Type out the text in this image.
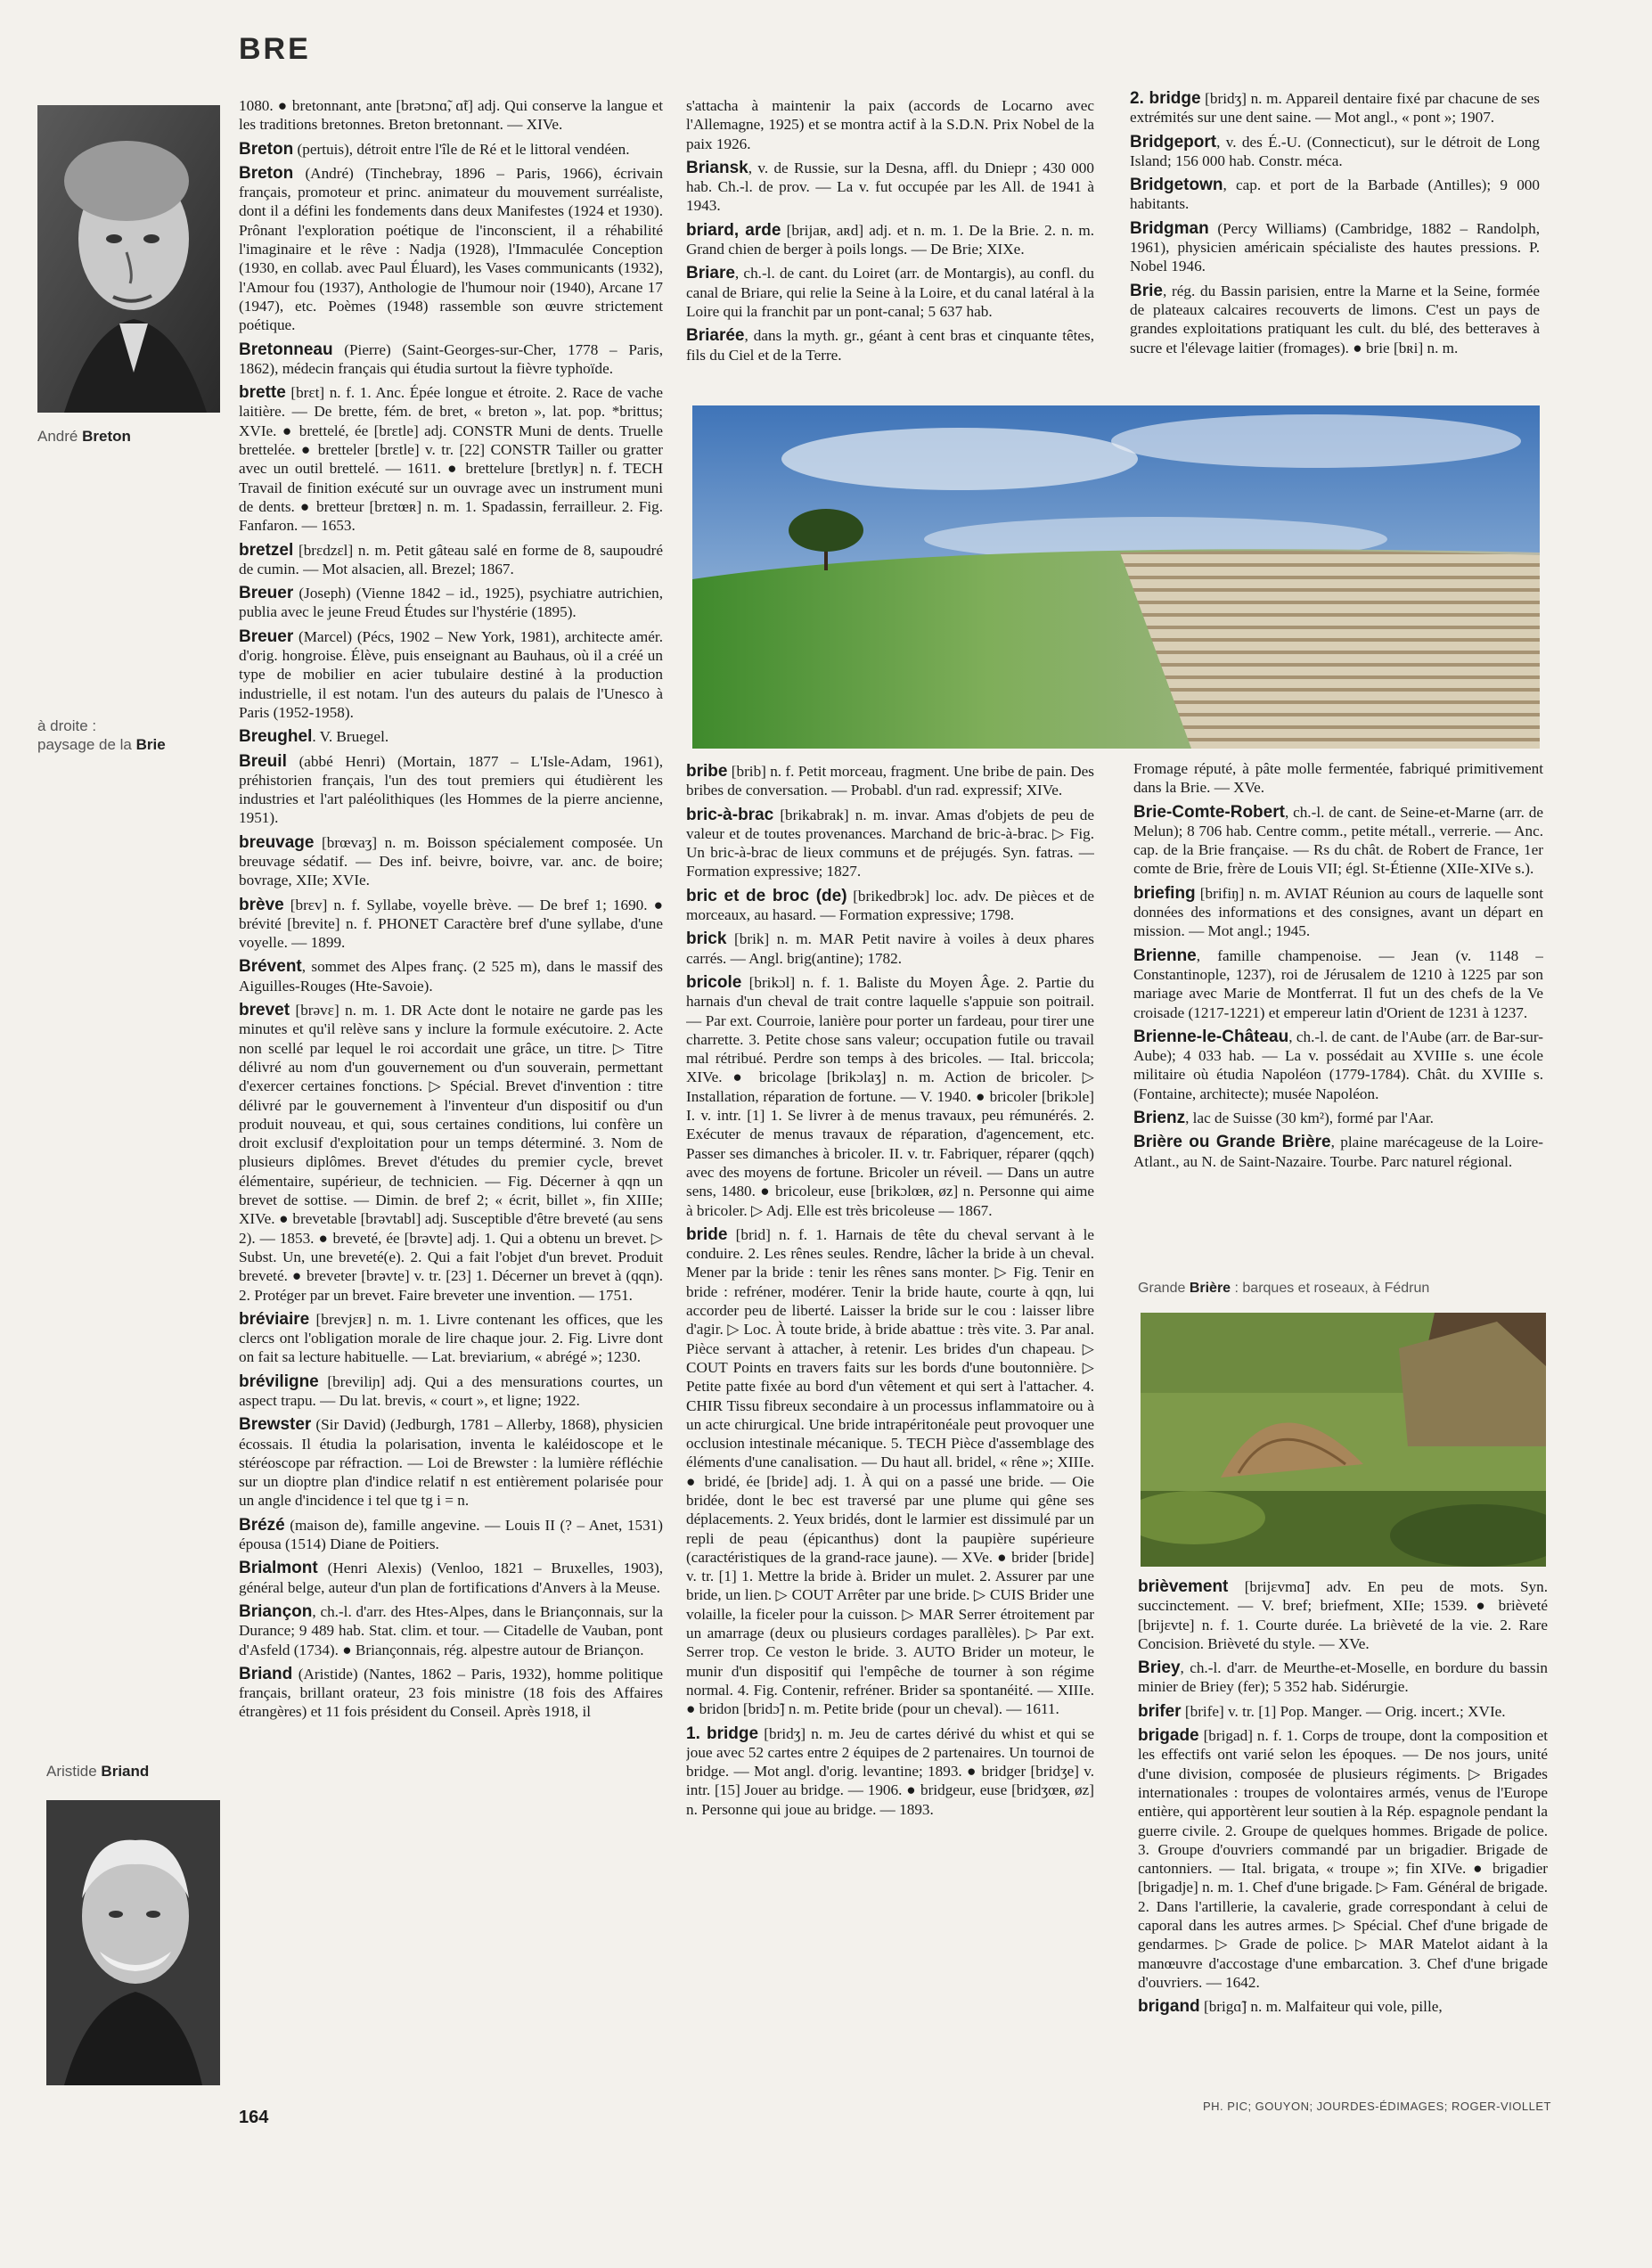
BRE
André Breton
à droite :
paysage de la Brie
Aristide Briand

1080. ● bretonnant, ante [brətɔnɑ̃, ɑ̃t] adj. Qui conserve la langue et les traditions bretonnes. Breton bretonnant. — XIVe.

Breton (pertuis), détroit entre l'île de Ré et le littoral vendéen.

Breton (André) (Tinchebray, 1896 – Paris, 1966), écrivain français, promoteur et princ. animateur du mouvement surréaliste, dont il a défini les fondements dans deux Manifestes (1924 et 1930). Prônant l'exploration poétique de l'inconscient, il a réhabilité l'imaginaire et le rêve : Nadja (1928), l'Immaculée Conception (1930, en collab. avec Paul Éluard), les Vases communicants (1932), l'Amour fou (1937), Anthologie de l'humour noir (1940), Arcane 17 (1947), etc. Poèmes (1948) rassemble son œuvre strictement poétique.

Bretonneau (Pierre) (Saint-Georges-sur-Cher, 1778 – Paris, 1862), médecin français qui étudia surtout la fièvre typhoïde.

brette [brɛt] n. f. 1. Anc. Épée longue et étroite. 2. Race de vache laitière. — De brette, fém. de bret, « breton », lat. pop. *brittus; XVIe. ● brettelé, ée [brɛtle] adj. CONSTR Muni de dents. Truelle brettelée. ● bretteler [brɛtle] v. tr. [22] CONSTR Tailler ou gratter avec un outil brettelé. — 1611. ● brettelure [brɛtlyʀ] n. f. TECH Travail de finition exécuté sur un ouvrage avec un instrument muni de dents. ● bretteur [brɛtœʀ] n. m. 1. Spadassin, ferrailleur. 2. Fig. Fanfaron. — 1653.

bretzel [brɛdzɛl] n. m. Petit gâteau salé en forme de 8, saupoudré de cumin. — Mot alsacien, all. Brezel; 1867.

Breuer (Joseph) (Vienne 1842 – id., 1925), psychiatre autrichien, publia avec le jeune Freud Études sur l'hystérie (1895).

Breuer (Marcel) (Pécs, 1902 – New York, 1981), architecte amér. d'orig. hongroise. Élève, puis enseignant au Bauhaus, où il a créé un type de mobilier en acier tubulaire destiné à la production industrielle, il est notam. l'un des auteurs du palais de l'Unesco à Paris (1952-1958).

Breughel. V. Bruegel.

Breuil (abbé Henri) (Mortain, 1877 – L'Isle-Adam, 1961), préhistorien français, l'un des tout premiers qui étudièrent les industries et l'art paléolithiques (les Hommes de la pierre ancienne, 1951).

breuvage [brœvaʒ] n. m. Boisson spécialement composée. Un breuvage sédatif. — Des inf. beivre, boivre, var. anc. de boire; bovrage, XIIe; XVIe.

brève [brɛv] n. f. Syllabe, voyelle brève. — De bref 1; 1690. ● brévité [brevite] n. f. PHONET Caractère bref d'une syllabe, d'une voyelle. — 1899.

Brévent, sommet des Alpes franç. (2 525 m), dans le massif des Aiguilles-Rouges (Hte-Savoie).

brevet [brəvɛ] n. m. 1. DR Acte dont le notaire ne garde pas les minutes et qu'il relève sans y inclure la formule exécutoire. 2. Acte non scellé par lequel le roi accordait une grâce, un titre. ▷ Titre délivré au nom d'un gouvernement ou d'un souverain, permettant d'exercer certaines fonctions. ▷ Spécial. Brevet d'invention : titre délivré par le gouvernement à l'inventeur d'un dispositif ou d'un produit nouveau, et qui, sous certaines conditions, lui confère un droit exclusif d'exploitation pour un temps déterminé. 3. Nom de plusieurs diplômes. Brevet d'études du premier cycle, brevet élémentaire, supérieur, de technicien. — Fig. Décerner à qqn un brevet de sottise. — Dimin. de bref 2; « écrit, billet », fin XIIIe; XIVe. ● brevetable [brəvtabl] adj. Susceptible d'être breveté (au sens 2). — 1853. ● breveté, ée [brəvte] adj. 1. Qui a obtenu un brevet. ▷ Subst. Un, une breveté(e). 2. Qui a fait l'objet d'un brevet. Produit breveté. ● breveter [brəvte] v. tr. [23] 1. Décerner un brevet à (qqn). 2. Protéger par un brevet. Faire breveter une invention. — 1751.

bréviaire [brevjɛʀ] n. m. 1. Livre contenant les offices, que les clercs ont l'obligation morale de lire chaque jour. 2. Fig. Livre dont on fait sa lecture habituelle. — Lat. breviarium, « abrégé »; 1230.

bréviligne [breviliɲ] adj. Qui a des mensurations courtes, un aspect trapu. — Du lat. brevis, « court », et ligne; 1922.

Brewster (Sir David) (Jedburgh, 1781 – Allerby, 1868), physicien écossais. Il étudia la polarisation, inventa le kaléidoscope et le stéréoscope par réfraction. — Loi de Brewster : la lumière réfléchie sur un dioptre plan d'indice relatif n est entièrement polarisée pour un angle d'incidence i tel que tg i = n.

Brézé (maison de), famille angevine. — Louis II (? – Anet, 1531) épousa (1514) Diane de Poitiers.

Brialmont (Henri Alexis) (Venloo, 1821 – Bruxelles, 1903), général belge, auteur d'un plan de fortifications d'Anvers à la Meuse.

Briançon, ch.-l. d'arr. des Htes-Alpes, dans le Briançonnais, sur la Durance; 9 489 hab. Stat. clim. et tour. — Citadelle de Vauban, pont d'Asfeld (1734). ● Briançonnais, rég. alpestre autour de Briançon.

Briand (Aristide) (Nantes, 1862 – Paris, 1932), homme politique français, brillant orateur, 23 fois ministre (18 fois des Affaires étrangères) et 11 fois président du Conseil. Après 1918, il

s'attacha à maintenir la paix (accords de Locarno avec l'Allemagne, 1925) et se montra actif à la S.D.N. Prix Nobel de la paix 1926.

Briansk, v. de Russie, sur la Desna, affl. du Dniepr ; 430 000 hab. Ch.-l. de prov. — La v. fut occupée par les All. de 1941 à 1943.

briard, arde [brijaʀ, aʀd] adj. et n. m. 1. De la Brie. 2. n. m. Grand chien de berger à poils longs. — De Brie; XIXe.

Briare, ch.-l. de cant. du Loiret (arr. de Montargis), au confl. du canal de Briare, qui relie la Seine à la Loire, et du canal latéral à la Loire qui la franchit par un pont-canal; 5 637 hab.

Briarée, dans la myth. gr., géant à cent bras et cinquante têtes, fils du Ciel et de la Terre.

2. bridge [bridʒ] n. m. Appareil dentaire fixé par chacune de ses extrémités sur une dent saine. — Mot angl., « pont »; 1907.

Bridgeport, v. des É.-U. (Connecticut), sur le détroit de Long Island; 156 000 hab. Constr. méca.

Bridgetown, cap. et port de la Barbade (Antilles); 9 000 habitants.

Bridgman (Percy Williams) (Cambridge, 1882 – Randolph, 1961), physicien américain spécialiste des hautes pressions. P. Nobel 1946.

Brie, rég. du Bassin parisien, entre la Marne et la Seine, formée de plateaux calcaires recouverts de limons. C'est un pays de grandes exploitations pratiquant les cult. du blé, des betteraves à sucre et l'élevage laitier (fromages). ● brie [bʀi] n. m.

bribe [brib] n. f. Petit morceau, fragment. Une bribe de pain. Des bribes de conversation. — Probabl. d'un rad. expressif; XIVe.

bric-à-brac [brikabrak] n. m. invar. Amas d'objets de peu de valeur et de toutes provenances. Marchand de bric-à-brac. ▷ Fig. Un bric-à-brac de lieux communs et de préjugés. Syn. fatras. — Formation expressive; 1827.

bric et de broc (de) [brikedbrɔk] loc. adv. De pièces et de morceaux, au hasard. — Formation expressive; 1798.

brick [brik] n. m. MAR Petit navire à voiles à deux phares carrés. — Angl. brig(antine); 1782.

bricole [brikɔl] n. f. 1. Baliste du Moyen Âge. 2. Partie du harnais d'un cheval de trait contre laquelle s'appuie son poitrail. — Par ext. Courroie, lanière pour porter un fardeau, pour tirer une charrette. 3. Petite chose sans valeur; occupation futile ou travail mal rétribué. Perdre son temps à des bricoles. — Ital. briccola; XIVe. ● bricolage [brikɔlaʒ] n. m. Action de bricoler. ▷ Installation, réparation de fortune. — V. 1940. ● bricoler [brikɔle] I. v. intr. [1] 1. Se livrer à de menus travaux, peu rémunérés. 2. Exécuter de menus travaux de réparation, d'agencement, etc. Passer ses dimanches à bricoler. II. v. tr. Fabriquer, réparer (qqch) avec des moyens de fortune. Bricoler un réveil. — Dans un autre sens, 1480. ● bricoleur, euse [brikɔlœʀ, øz] n. Personne qui aime à bricoler. ▷ Adj. Elle est très bricoleuse — 1867.

bride [brid] n. f. 1. Harnais de tête du cheval servant à le conduire. 2. Les rênes seules. Rendre, lâcher la bride à un cheval. Mener par la bride : tenir les rênes sans monter. ▷ Fig. Tenir en bride : refréner, modérer. Tenir la bride haute, courte à qqn, lui accorder peu de liberté. Laisser la bride sur le cou : laisser libre d'agir. ▷ Loc. À toute bride, à bride abattue : très vite. 3. Par anal. Pièce servant à attacher, à retenir. Les brides d'un chapeau. ▷ COUT Points en travers faits sur les bords d'une boutonnière. ▷ Petite patte fixée au bord d'un vêtement et qui sert à l'attacher. 4. CHIR Tissu fibreux secondaire à un processus inflammatoire ou à un acte chirurgical. Une bride intrapéritonéale peut provoquer une occlusion intestinale mécanique. 5. TECH Pièce d'assemblage des éléments d'une canalisation. — Du haut all. bridel, « rêne »; XIIIe. ● bridé, ée [bride] adj. 1. À qui on a passé une bride. — Oie bridée, dont le bec est traversé par une plume qui gêne ses déplacements. 2. Yeux bridés, dont le larmier est dissimulé par un repli de peau (épicanthus) dont la paupière supérieure (caractéristiques de la grand-race jaune). — XVe. ● brider [bride] v. tr. [1] 1. Mettre la bride à. Brider un mulet. 2. Assurer par une bride, un lien. ▷ COUT Arrêter par une bride. ▷ CUIS Brider une volaille, la ficeler pour la cuisson. ▷ MAR Serrer étroitement par un amarrage (deux ou plusieurs cordages parallèles). ▷ Par ext. Serrer trop. Ce veston le bride. 3. AUTO Brider un moteur, le munir d'un dispositif qui l'empêche de tourner à son régime normal. 4. Fig. Contenir, refréner. Brider sa spontanéité. — XIIIe. ● bridon [bridɔ̃] n. m. Petite bride (pour un cheval). — 1611.

1. bridge [bridʒ] n. m. Jeu de cartes dérivé du whist et qui se joue avec 52 cartes entre 2 équipes de 2 partenaires. Un tournoi de bridge. — Mot angl. d'orig. levantine; 1893. ● bridger [bridʒe] v. intr. [15] Jouer au bridge. — 1906. ● bridgeur, euse [bridʒœʀ, øz] n. Personne qui joue au bridge. — 1893.

Fromage réputé, à pâte molle fermentée, fabriqué primitivement dans la Brie. — XVe.

Brie-Comte-Robert, ch.-l. de cant. de Seine-et-Marne (arr. de Melun); 8 706 hab. Centre comm., petite métall., verrerie. — Anc. cap. de la Brie française. — Rs du chât. de Robert de France, 1er comte de Brie, frère de Louis VII; égl. St-Étienne (XIIe-XIVe s.).

briefing [brifiŋ] n. m. AVIAT Réunion au cours de laquelle sont données des informations et des consignes, avant un départ en mission. — Mot angl.; 1945.

Brienne, famille champenoise. — Jean (v. 1148 – Constantinople, 1237), roi de Jérusalem de 1210 à 1225 par son mariage avec Marie de Montferrat. Il fut un des chefs de la Ve croisade (1217-1221) et empereur latin d'Orient de 1231 à 1237.

Brienne-le-Château, ch.-l. de cant. de l'Aube (arr. de Bar-sur-Aube); 4 033 hab. — La v. possédait au XVIIIe s. une école militaire où étudia Napoléon (1779-1784). Chât. du XVIIIe s. (Fontaine, architecte); musée Napoléon.

Brienz, lac de Suisse (30 km²), formé par l'Aar.

Brière ou Grande Brière, plaine marécageuse de la Loire-Atlant., au N. de Saint-Nazaire. Tourbe. Parc naturel régional.

Grande Brière : barques et roseaux, à Fédrun

brièvement [brijɛvmɑ̃] adv. En peu de mots. Syn. succinctement. — V. bref; briefment, XIIe; 1539. ● brièveté [brijɛvte] n. f. 1. Courte durée. La brièveté de la vie. 2. Rare Concision. Brièveté du style. — XVe.

Briey, ch.-l. d'arr. de Meurthe-et-Moselle, en bordure du bassin minier de Briey (fer); 5 352 hab. Sidérurgie.

brifer [brife] v. tr. [1] Pop. Manger. — Orig. incert.; XVIe.

brigade [brigad] n. f. 1. Corps de troupe, dont la composition et les effectifs ont varié selon les époques. — De nos jours, unité d'une division, composée de plusieurs régiments. ▷ Brigades internationales : troupes de volontaires armés, venus de l'Europe entière, qui apportèrent leur soutien à la Rép. espagnole pendant la guerre civile. 2. Groupe de quelques hommes. Brigade de police. 3. Groupe d'ouvriers commandé par un brigadier. Brigade de cantonniers. — Ital. brigata, « troupe »; fin XIVe. ● brigadier [brigadje] n. m. 1. Chef d'une brigade. ▷ Fam. Général de brigade. 2. Dans l'artillerie, la cavalerie, grade correspondant à celui de caporal dans les autres armes. ▷ Spécial. Chef d'une brigade de gendarmes. ▷ Grade de police. ▷ MAR Matelot aidant à la manœuvre d'accostage d'une embarcation. 3. Chef d'une brigade d'ouvriers. — 1642.

brigand [brigɑ̃] n. m. Malfaiteur qui vole, pille,

164
PH. PIC; GOUYON; JOURDES-ÉDIMAGES; ROGER-VIOLLET
